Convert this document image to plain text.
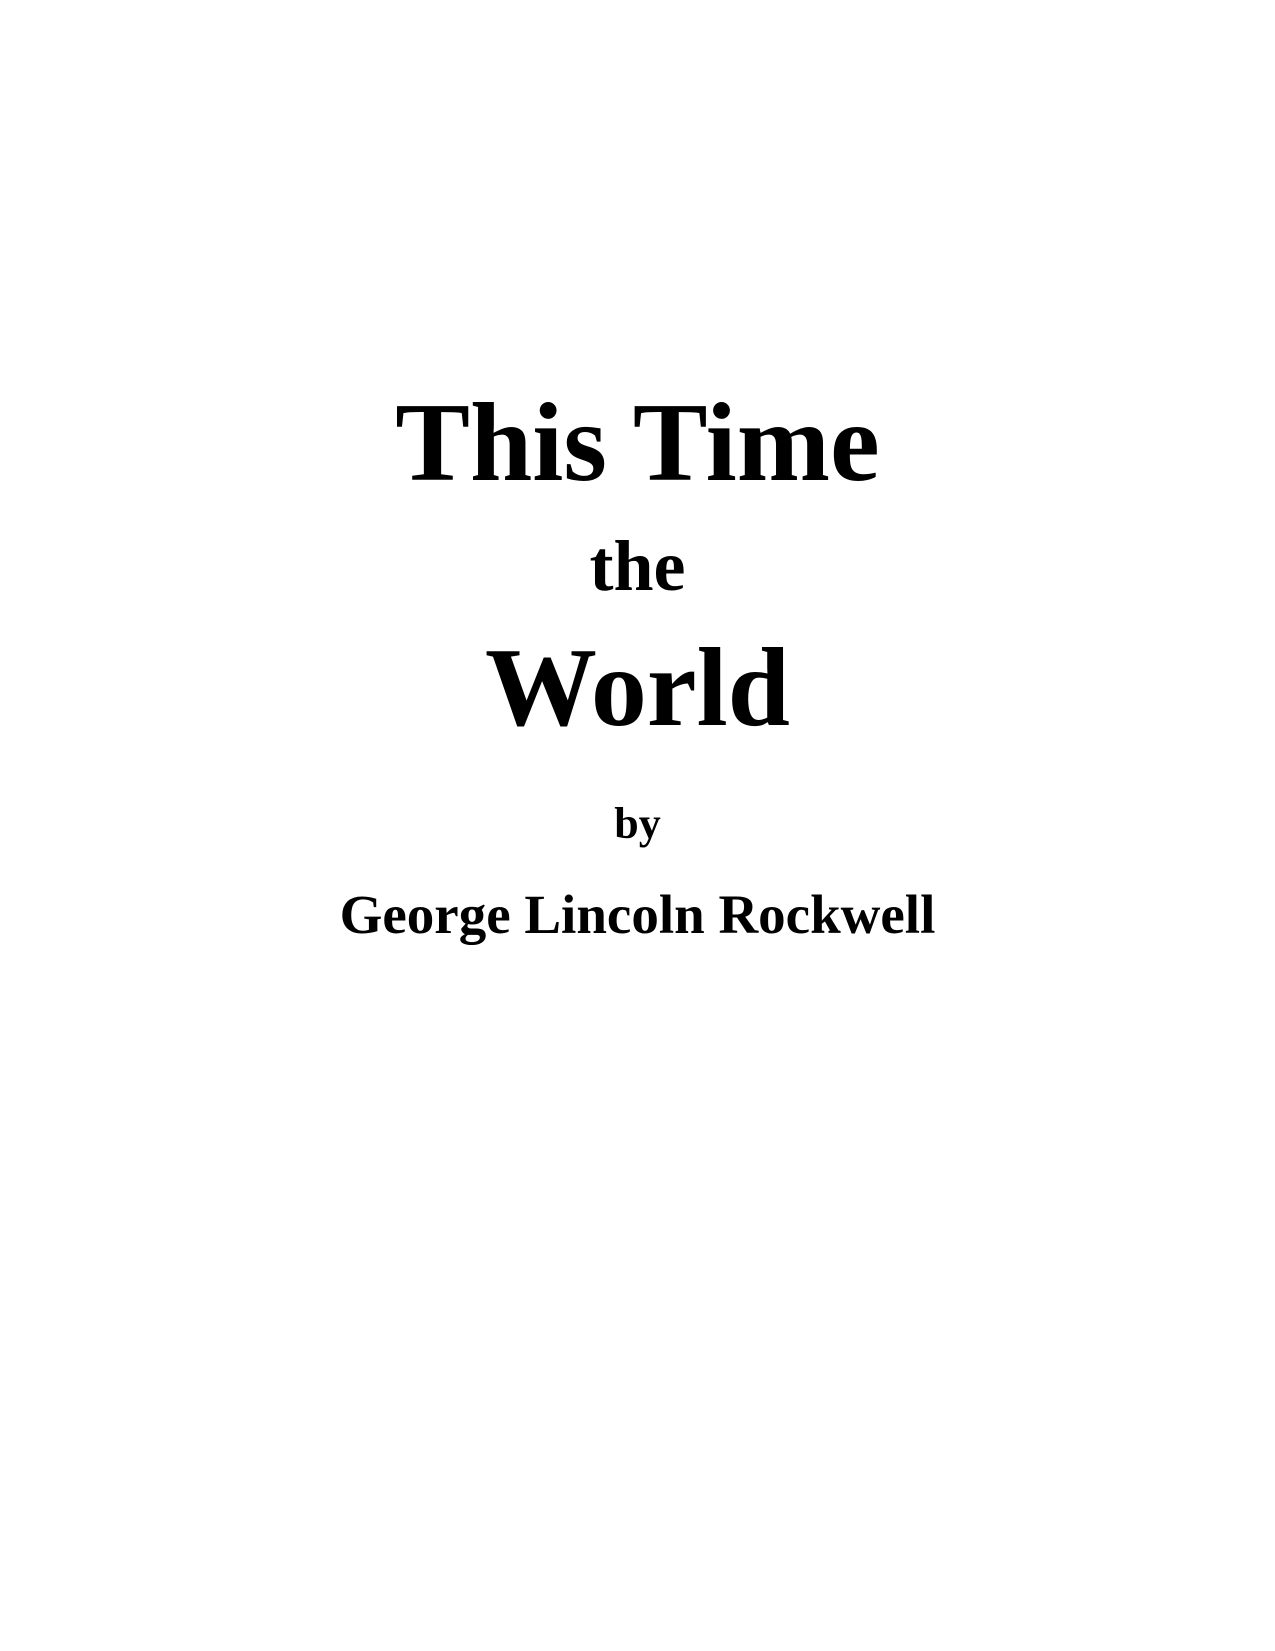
This Time
the
World
by
George Lincoln Rockwell
